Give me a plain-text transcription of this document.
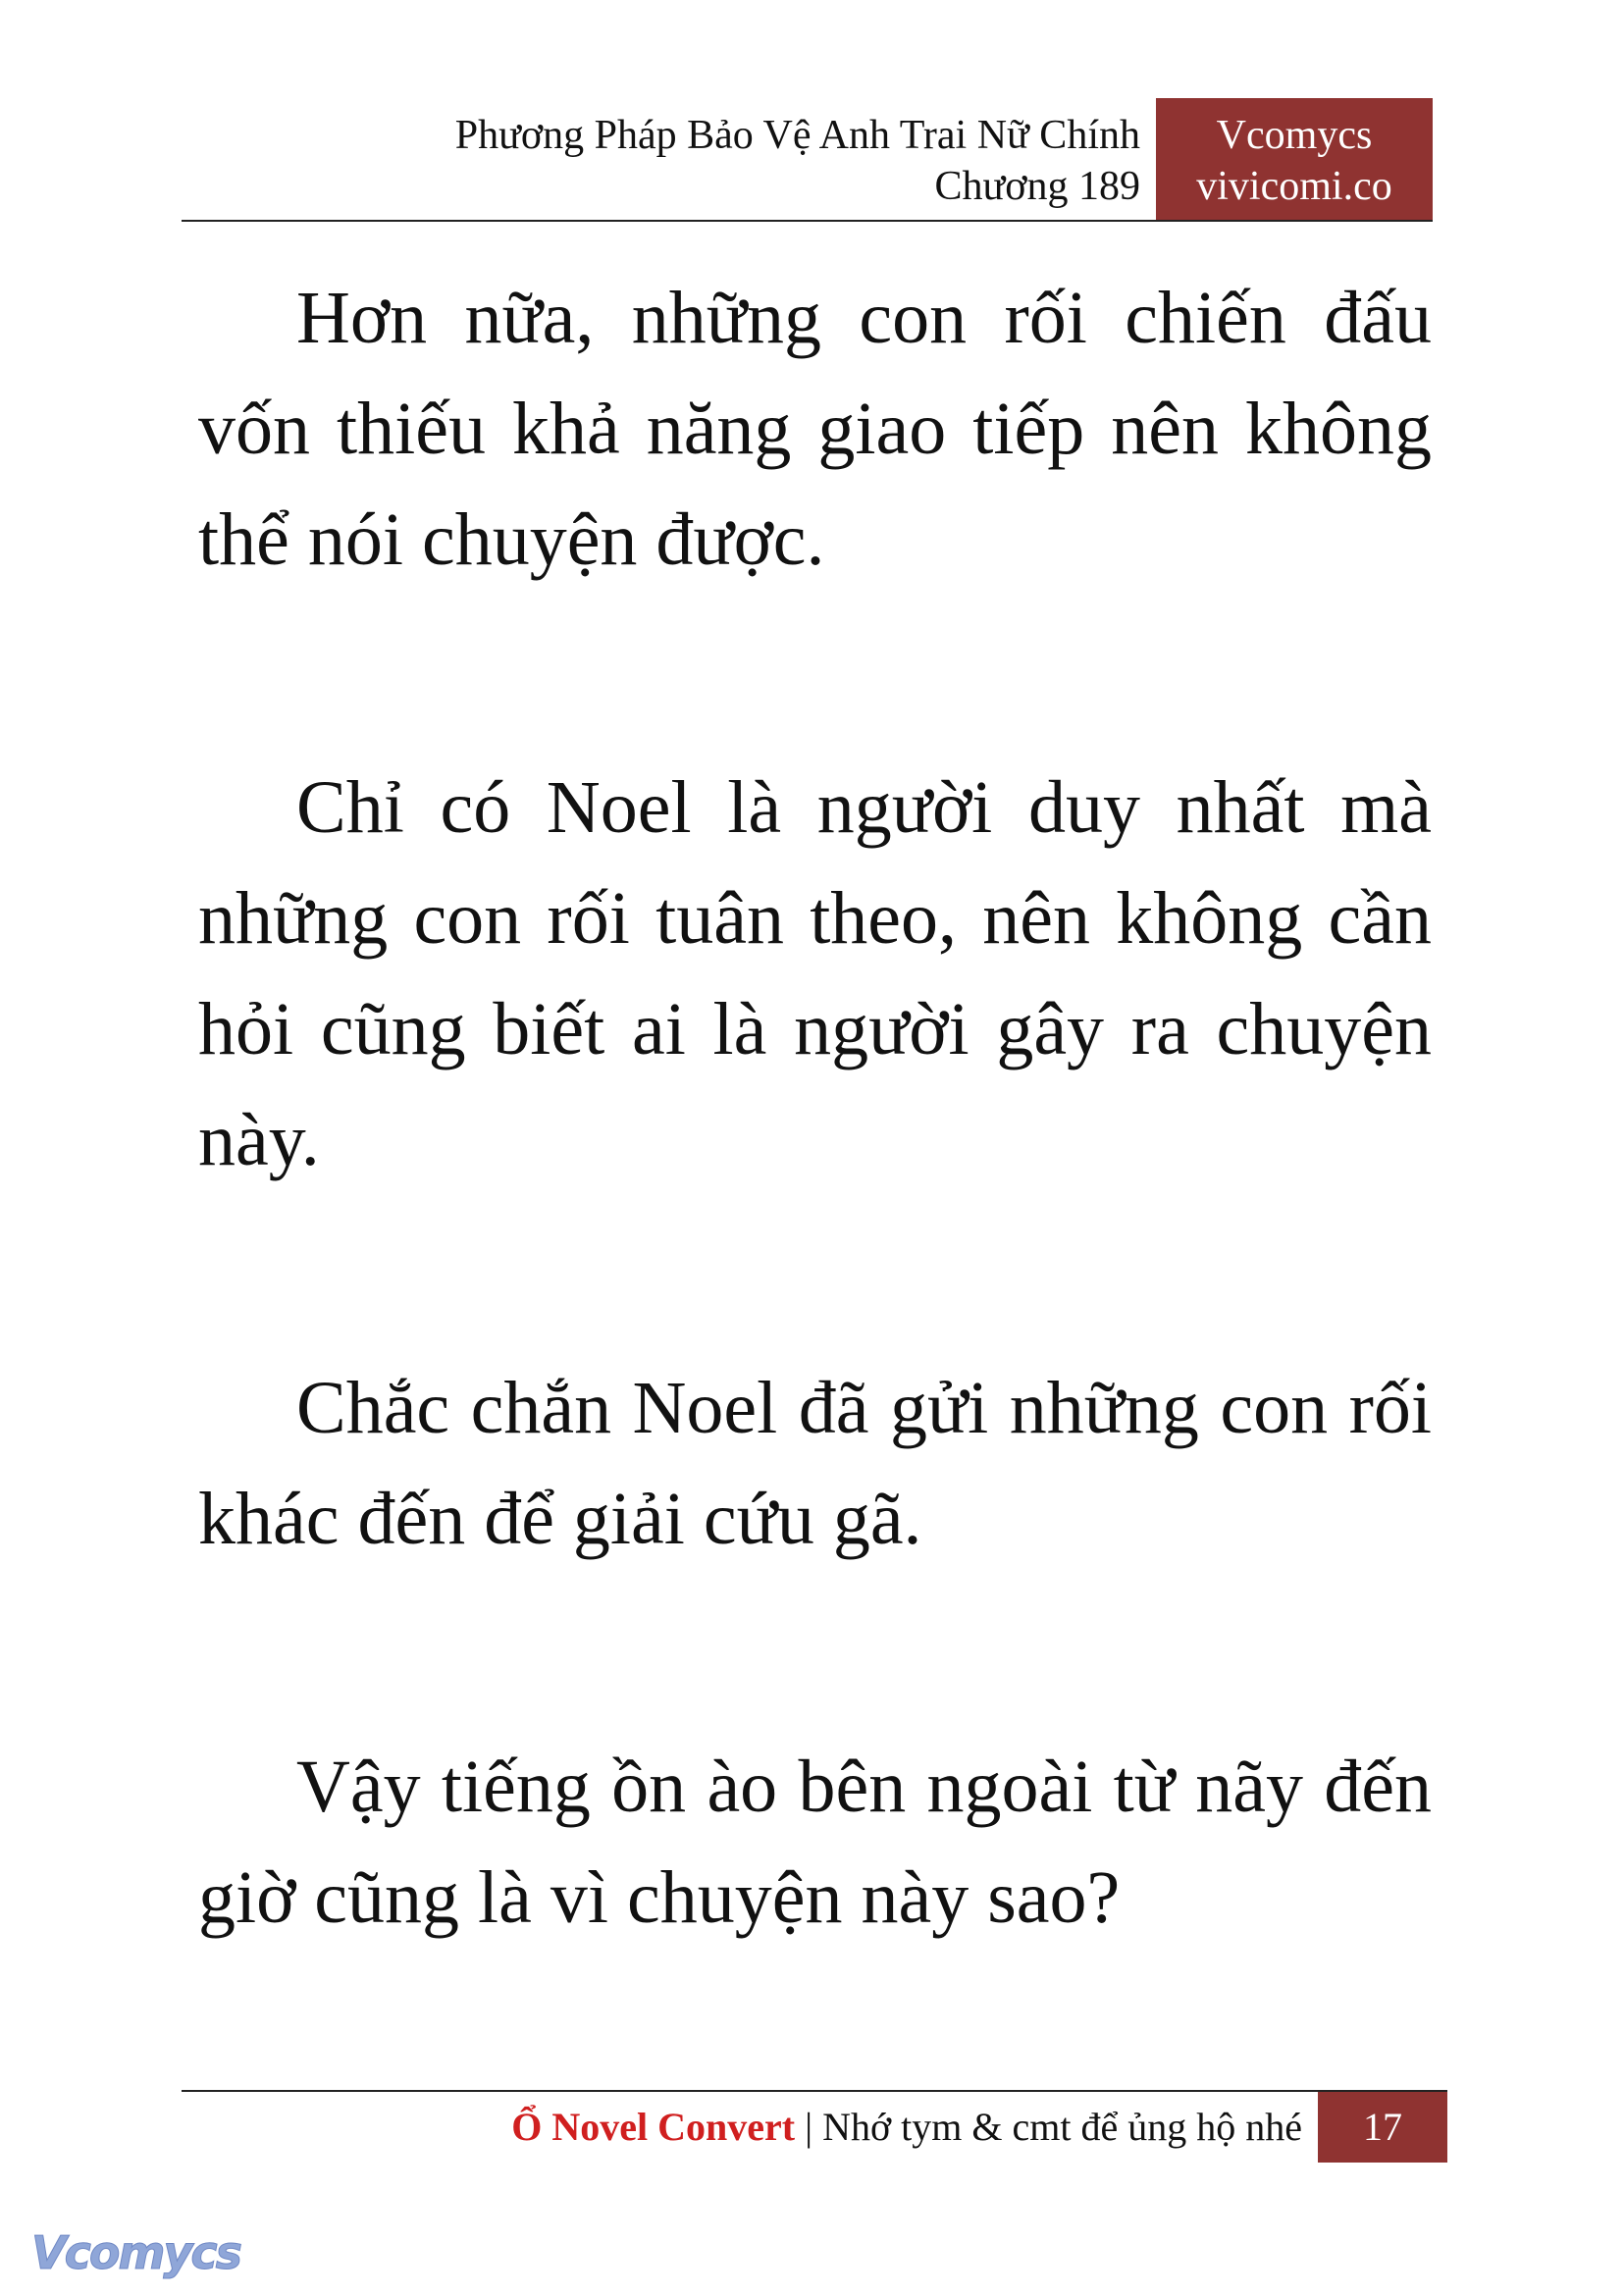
Phương Pháp Bảo Vệ Anh Trai Nữ Chính
Chương 189
Vcomycs
vivicomi.co

Hơn nữa, những con rối chiến đấu vốn thiếu khả năng giao tiếp nên không thể nói chuyện được.

Chỉ có Noel là người duy nhất mà những con rối tuân theo, nên không cần hỏi cũng biết ai là người gây ra chuyện này.

Chắc chắn Noel đã gửi những con rối khác đến để giải cứu gã.

Vậy tiếng ồn ào bên ngoài từ nãy đến giờ cũng là vì chuyện này sao?

Ổ Novel Convert | Nhớ tym & cmt để ủng hộ nhé	17
Vcomycs
